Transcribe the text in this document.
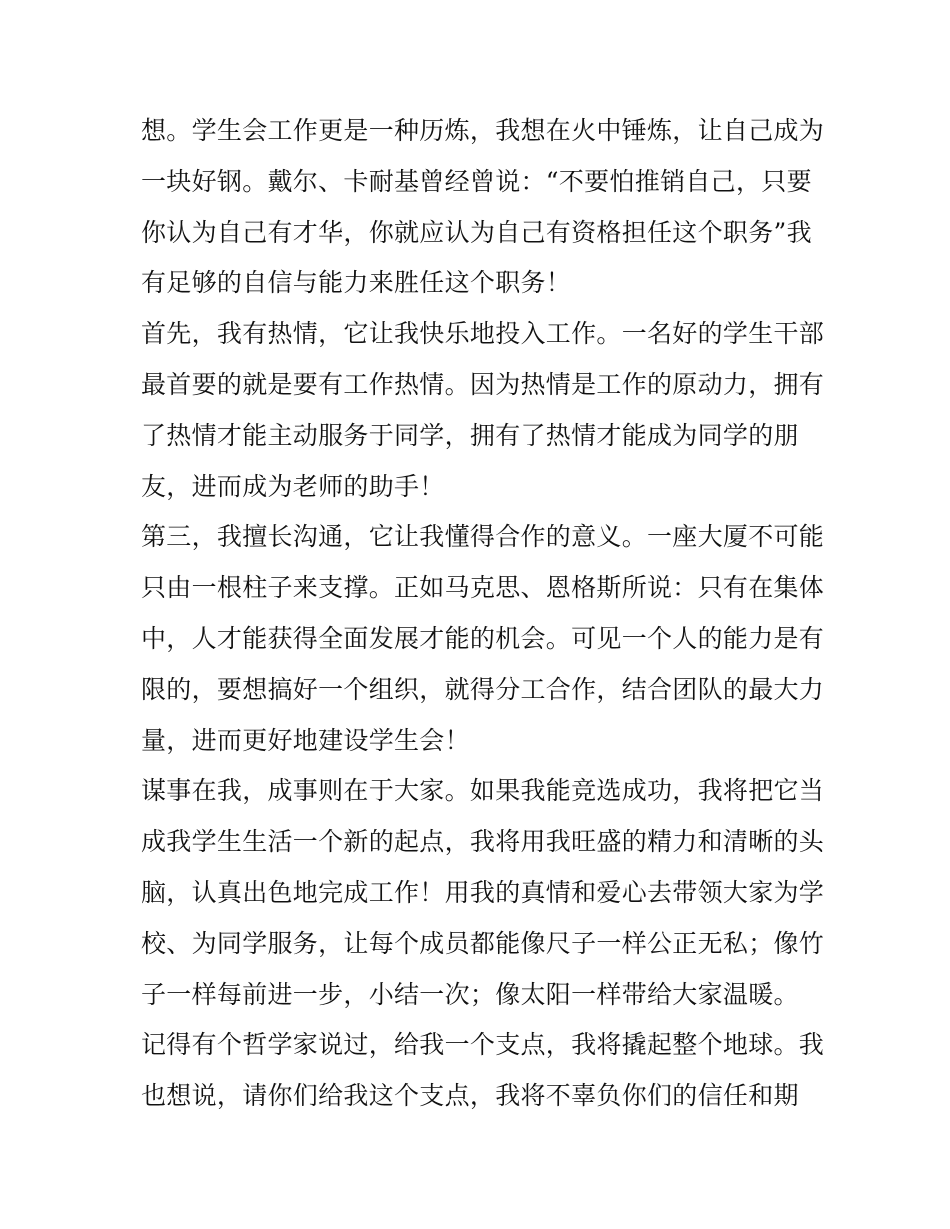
想。学生会工作更是一种历炼，我想在火中锤炼，让自己成为
一块好钢。戴尔、卡耐基曾经曾说：“不要怕推销自己，只要
你认为自己有才华，你就应认为自己有资格担任这个职务”我
有足够的自信与能力来胜任这个职务！
首先，我有热情，它让我快乐地投入工作。一名好的学生干部
最首要的就是要有工作热情。因为热情是工作的原动力，拥有
了热情才能主动服务于同学，拥有了热情才能成为同学的朋
友，进而成为老师的助手！
第三，我擅长沟通，它让我懂得合作的意义。一座大厦不可能
只由一根柱子来支撑。正如马克思、恩格斯所说：只有在集体
中，人才能获得全面发展才能的机会。可见一个人的能力是有
限的，要想搞好一个组织，就得分工合作，结合团队的最大力
量，进而更好地建设学生会！
谋事在我，成事则在于大家。如果我能竞选成功，我将把它当
成我学生生活一个新的起点，我将用我旺盛的精力和清晰的头
脑，认真出色地完成工作！用我的真情和爱心去带领大家为学
校、为同学服务，让每个成员都能像尺子一样公正无私；像竹
子一样每前进一步，小结一次；像太阳一样带给大家温暖。
记得有个哲学家说过，给我一个支点，我将撬起整个地球。我
也想说，请你们给我这个支点，我将不辜负你们的信任和期
